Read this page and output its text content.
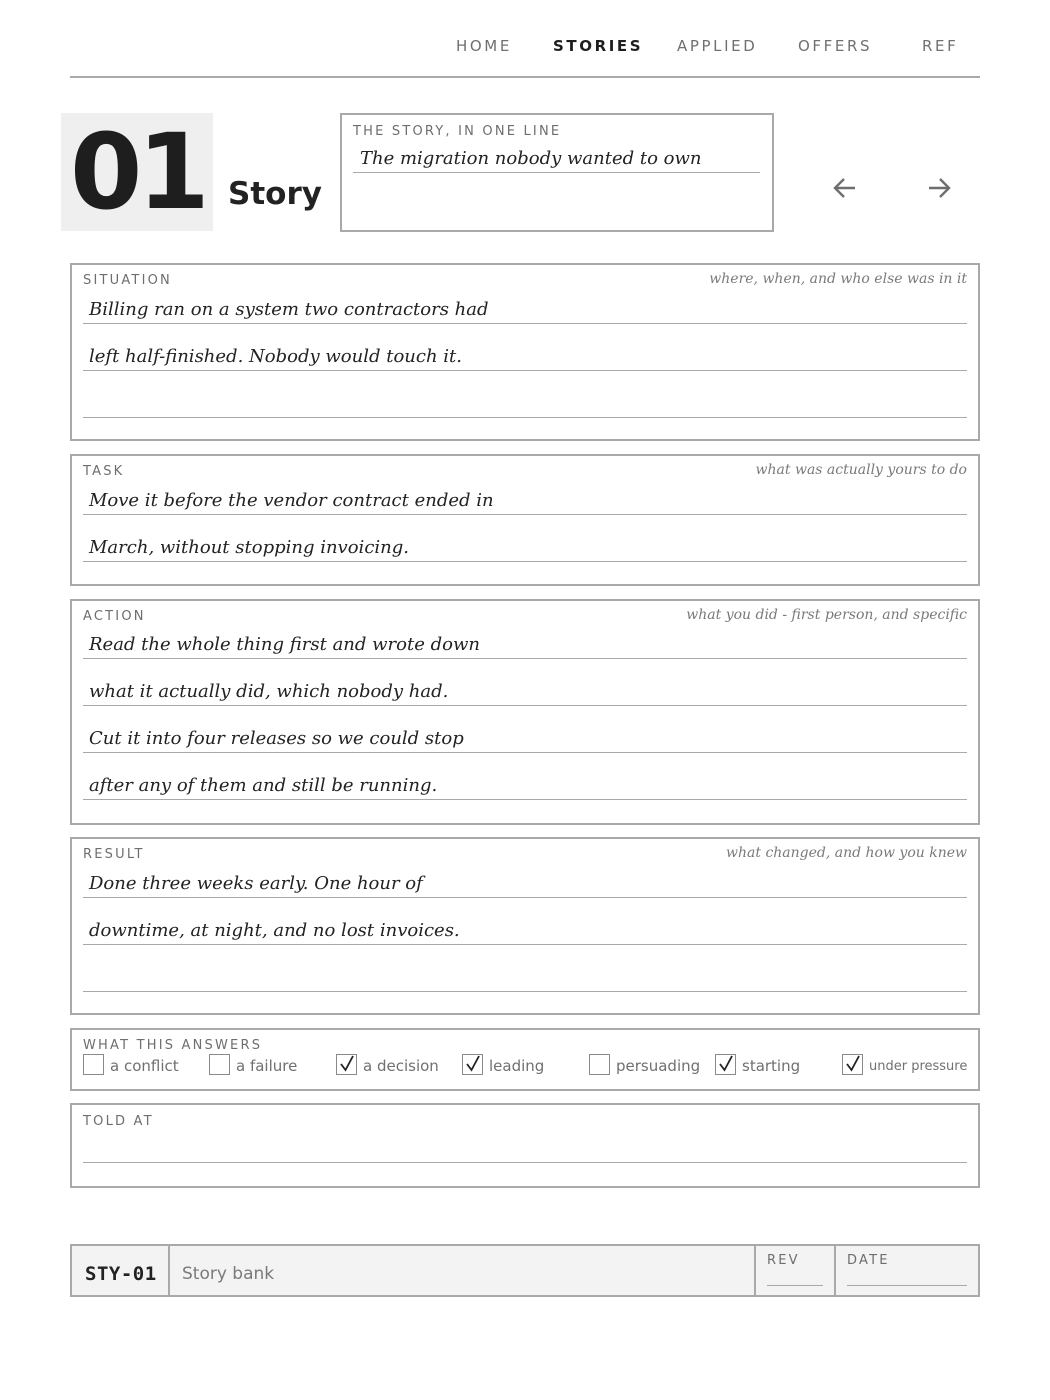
HOME	STORIES APPLIED	OFFERS	REF
01 Story
THE STORY, IN ONE LINE
The migration nobody wanted to own
SITUATION	where, when, and who else was in it
Billing ran on a system two contractors had
left half-finished. Nobody would touch it.
TASK	what was actually yours to do
Move it before the vendor contract ended in
March, without stopping invoicing.
ACTION	what you did - first person, and specific
Read the whole thing first and wrote down
what it actually did, which nobody had.
Cut it into four releases so we could stop
after any of them and still be running.
RESULT	what changed, and how you knew
Done three weeks early. One hour of
downtime, at night, and no lost invoices.
WHAT THIS ANSWERS
a conflict	a failure	a decision	leading	persuading	starting	under pressure
TOLD AT
STY-01 Story bank
REV	DATE
